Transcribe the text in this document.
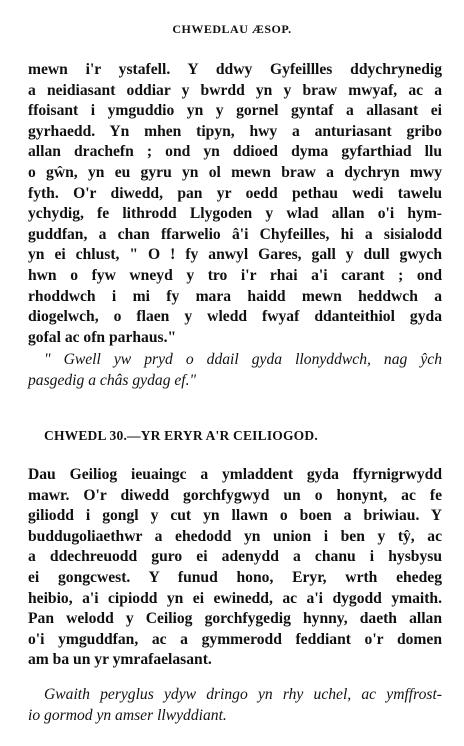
CHWEDLAU ÆSOP.
mewn i'r ystafell. Y ddwy Gyfeillles ddychrynedig
a neidiasant oddiar y bwrdd yn y braw mwyaf, ac a
ffoisant i ymguddio yn y gornel gyntaf a allasant ei
gyrhaedd. Yn mhen tipyn, hwy a anturiasant gribo
allan drachefn ; ond yn ddioed dyma gyfarthiad llu
o gŵn, yn eu gyru yn ol mewn braw a dychryn mwy
fyth. O'r diwedd, pan yr oedd pethau wedi tawelu
ychydig, fe lithrodd Llygoden y wlad allan o'i hym-
guddfan, a chan ffarwelio â'i Chyfeilles, hi a sisialodd
yn ei chlust, " O ! fy anwyl Gares, gall y dull gwych
hwn o fyw wneyd y tro i'r rhai a'i carant ; ond
rhoddwch i mi fy mara haidd mewn heddwch a
diogelwch, o flaen y wledd fwyaf ddanteithiol gyda
gofal ac ofn parhaus."
" Gwell yw pryd o ddail gyda llonyddwch, nag ŷch
pasgedig a châs gydag ef."
CHWEDL 30.—YR ERYR A'R CEILIOGOD.
Dau Geiliog ieuaingc a ymladdent gyda ffyrnigrwydd
mawr. O'r diwedd gorchfygwyd un o honynt, ac fe
giliodd i gongl y cut yn llawn o boen a briwiau. Y
buddugoliaethwr a ehedodd yn union i ben y tŷ, ac
a ddechreuodd guro ei adenydd a chanu i hysbysu
ei gongcwest. Y funud hono, Eryr, wrth ehedeg
heibio, a'i cipiodd yn ei ewinedd, ac a'i dygodd ymaith.
Pan welodd y Ceiliog gorchfygedig hynny, daeth allan
o'i ymguddfan, ac a gymmerodd feddiant o'r domen
am ba un yr ymrafaelasant.
Gwaith peryglus ydyw dringo yn rhy uchel, ac ymffrost-
io gormod yn amser llwyddiant.
